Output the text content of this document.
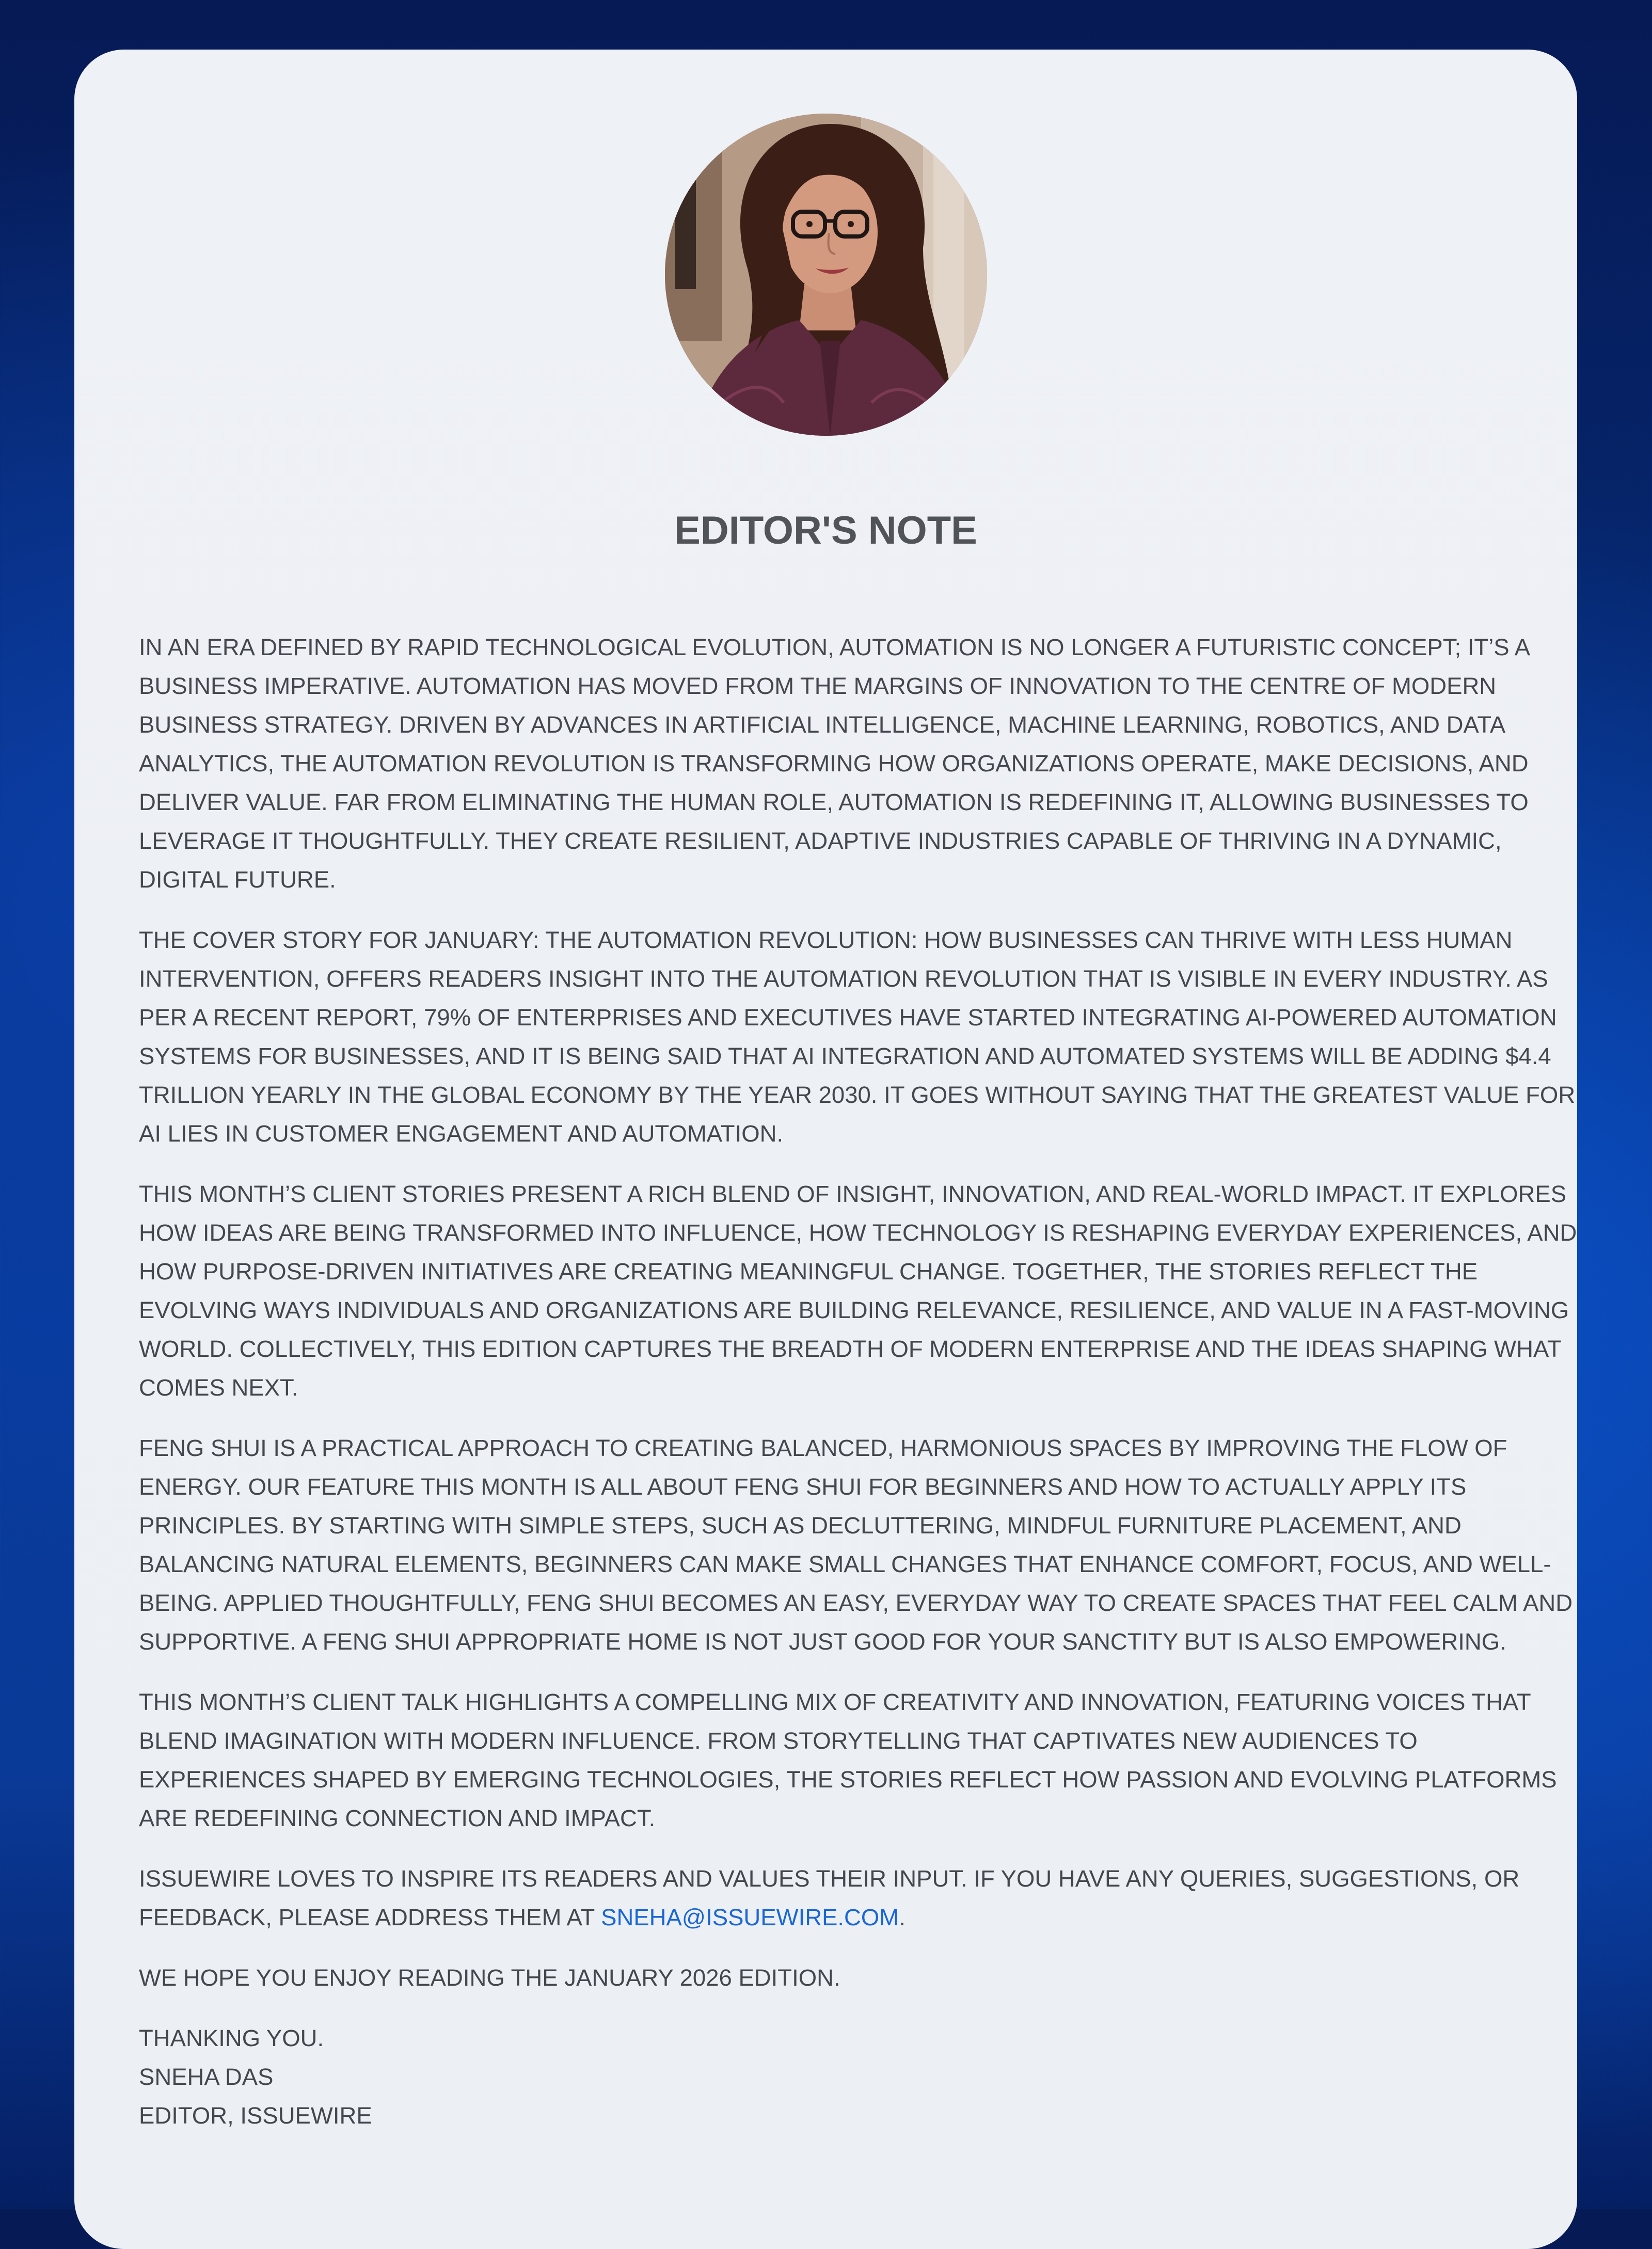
EDITOR'S NOTE

IN AN ERA DEFINED BY RAPID TECHNOLOGICAL EVOLUTION, AUTOMATION IS NO LONGER A FUTURISTIC CONCEPT; IT’S A BUSINESS IMPERATIVE. AUTOMATION HAS MOVED FROM THE MARGINS OF INNOVATION TO THE CENTRE OF MODERN BUSINESS STRATEGY. DRIVEN BY ADVANCES IN ARTIFICIAL INTELLIGENCE, MACHINE LEARNING, ROBOTICS, AND DATA ANALYTICS, THE AUTOMATION REVOLUTION IS TRANSFORMING HOW ORGANIZATIONS OPERATE, MAKE DECISIONS, AND DELIVER VALUE. FAR FROM ELIMINATING THE HUMAN ROLE, AUTOMATION IS REDEFINING IT, ALLOWING BUSINESSES TO LEVERAGE IT THOUGHTFULLY. THEY CREATE RESILIENT, ADAPTIVE INDUSTRIES CAPABLE OF THRIVING IN A DYNAMIC, DIGITAL FUTURE.

THE COVER STORY FOR JANUARY: THE AUTOMATION REVOLUTION: HOW BUSINESSES CAN THRIVE WITH LESS HUMAN INTERVENTION, OFFERS READERS INSIGHT INTO THE AUTOMATION REVOLUTION THAT IS VISIBLE IN EVERY INDUSTRY. AS PER A RECENT REPORT, 79% OF ENTERPRISES AND EXECUTIVES HAVE STARTED INTEGRATING AI-POWERED AUTOMATION SYSTEMS FOR BUSINESSES, AND IT IS BEING SAID THAT AI INTEGRATION AND AUTOMATED SYSTEMS WILL BE ADDING $4.4 TRILLION YEARLY IN THE GLOBAL ECONOMY BY THE YEAR 2030. IT GOES WITHOUT SAYING THAT THE GREATEST VALUE FOR AI LIES IN CUSTOMER ENGAGEMENT AND AUTOMATION.

THIS MONTH’S CLIENT STORIES PRESENT A RICH BLEND OF INSIGHT, INNOVATION, AND REAL-WORLD IMPACT. IT EXPLORES HOW IDEAS ARE BEING TRANSFORMED INTO INFLUENCE, HOW TECHNOLOGY IS RESHAPING EVERYDAY EXPERIENCES, AND HOW PURPOSE-DRIVEN INITIATIVES ARE CREATING MEANINGFUL CHANGE. TOGETHER, THE STORIES REFLECT THE EVOLVING WAYS INDIVIDUALS AND ORGANIZATIONS ARE BUILDING RELEVANCE, RESILIENCE, AND VALUE IN A FAST-MOVING WORLD. COLLECTIVELY, THIS EDITION CAPTURES THE BREADTH OF MODERN ENTERPRISE AND THE IDEAS SHAPING WHAT COMES NEXT.

FENG SHUI IS A PRACTICAL APPROACH TO CREATING BALANCED, HARMONIOUS SPACES BY IMPROVING THE FLOW OF ENERGY. OUR FEATURE THIS MONTH IS ALL ABOUT FENG SHUI FOR BEGINNERS AND HOW TO ACTUALLY APPLY ITS PRINCIPLES. BY STARTING WITH SIMPLE STEPS, SUCH AS DECLUTTERING, MINDFUL FURNITURE PLACEMENT, AND BALANCING NATURAL ELEMENTS, BEGINNERS CAN MAKE SMALL CHANGES THAT ENHANCE COMFORT, FOCUS, AND WELL-BEING. APPLIED THOUGHTFULLY, FENG SHUI BECOMES AN EASY, EVERYDAY WAY TO CREATE SPACES THAT FEEL CALM AND SUPPORTIVE. A FENG SHUI APPROPRIATE HOME IS NOT JUST GOOD FOR YOUR SANCTITY BUT IS ALSO EMPOWERING.

THIS MONTH’S CLIENT TALK HIGHLIGHTS A COMPELLING MIX OF CREATIVITY AND INNOVATION, FEATURING VOICES THAT BLEND IMAGINATION WITH MODERN INFLUENCE. FROM STORYTELLING THAT CAPTIVATES NEW AUDIENCES TO EXPERIENCES SHAPED BY EMERGING TECHNOLOGIES, THE STORIES REFLECT HOW PASSION AND EVOLVING PLATFORMS ARE REDEFINING CONNECTION AND IMPACT.

ISSUEWIRE LOVES TO INSPIRE ITS READERS AND VALUES THEIR INPUT. IF YOU HAVE ANY QUERIES, SUGGESTIONS, OR FEEDBACK, PLEASE ADDRESS THEM AT SNEHA@ISSUEWIRE.COM.

WE HOPE YOU ENJOY READING THE JANUARY 2026 EDITION.

THANKING YOU.

SNEHA DAS

EDITOR, ISSUEWIRE
